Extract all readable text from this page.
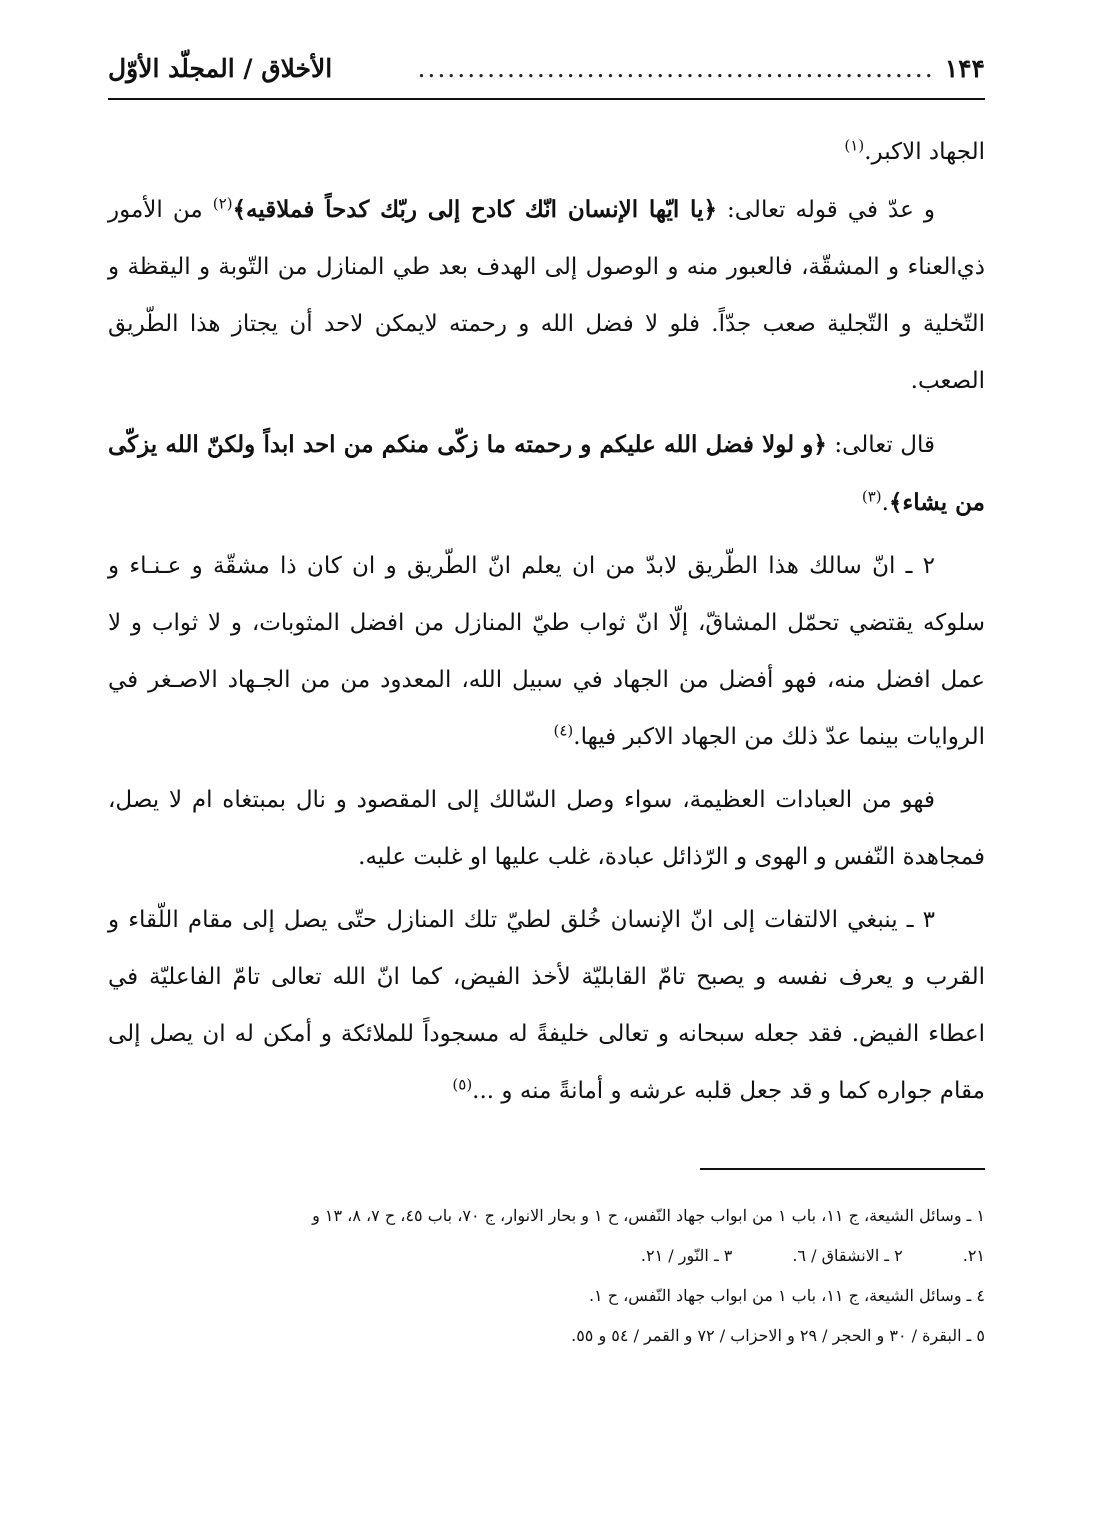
١۴۴
....................................................
الأخلاق / المجلّد الأوّل

الجهاد الاكبر.$^{(١)}$

و عدّ في قوله تعالى: ﴿يا ايّها الإنسان انّك كادح إلى ربّك كدحاً فملاقيه﴾$^{(٢)}$ من الأمور ذي‌العناء و المشقّة، فالعبور منه و الوصول إلى الهدف بعد طي المنازل من التّوبة و اليقظة و التّخلية و التّجلية صعب جدّاً. فلو لا فضل الله و رحمته لايمكن لاحد أن يجتاز هذا الطّريق الصعب.

قال تعالى: ﴿و لولا فضل الله عليكم و رحمته ما زكّى منكم من احد ابداً ولكنّ الله يزكّى من يشاء﴾.$^{(٣)}$

٢ ـ انّ سالك هذا الطّريق لابدّ من ان يعلم انّ الطّريق و ان كان ذا مشقّة و عـنـاء و سلوكه يقتضي تحمّل المشاقّ، إلّا انّ ثواب طيّ المنازل من افضل المثوبات، و لا ثواب و لا عمل افضل منه، فهو أفضل من الجهاد في سبيل الله، المعدود من من الجـهاد الاصـغر في الروايات بينما عدّ ذلك من الجهاد الاكبر فيها.$^{(٤)}$

فهو من العبادات العظيمة، سواء وصل السّالك إلى المقصود و نال بمبتغاه ام لا يصل، فمجاهدة النّفس و الهوى و الرّذائل عبادة، غلب عليها او غلبت عليه.

٣ ـ ينبغي الالتفات إلى انّ الإنسان خُلق لطيّ تلك المنازل حتّى يصل إلى مقام اللّقاء و القرب و يعرف نفسه و يصبح تامّ القابليّة لأخذ الفيض، كما انّ الله تعالى تامّ الفاعليّة في اعطاء الفيض. فقد جعله سبحانه و تعالى خليفةً له مسجوداً للملائكة و أمكن له ان يصل إلى مقام جواره كما و قد جعل قلبه عرشه و أمانةً منه و ...$^{(٥)}$

١ ـ وسائل الشيعة، ج ١١، باب ١ من ابواب جهاد النّفس، ح ١ و بحار الانوار، ج ٧٠، باب ٤٥، ح ٧، ٨، ١٣ و

٢١.
٢ ـ الانشقاق / ٦.
٣ ـ النّور / ٢١.

٤ ـ وسائل الشيعة، ج ١١، باب ١ من ابواب جهاد النّفس، ح ١.

٥ ـ البقرة / ٣٠ و الحجر / ٢٩ و الاحزاب / ٧٢ و القمر / ٥٤ و ٥٥.
